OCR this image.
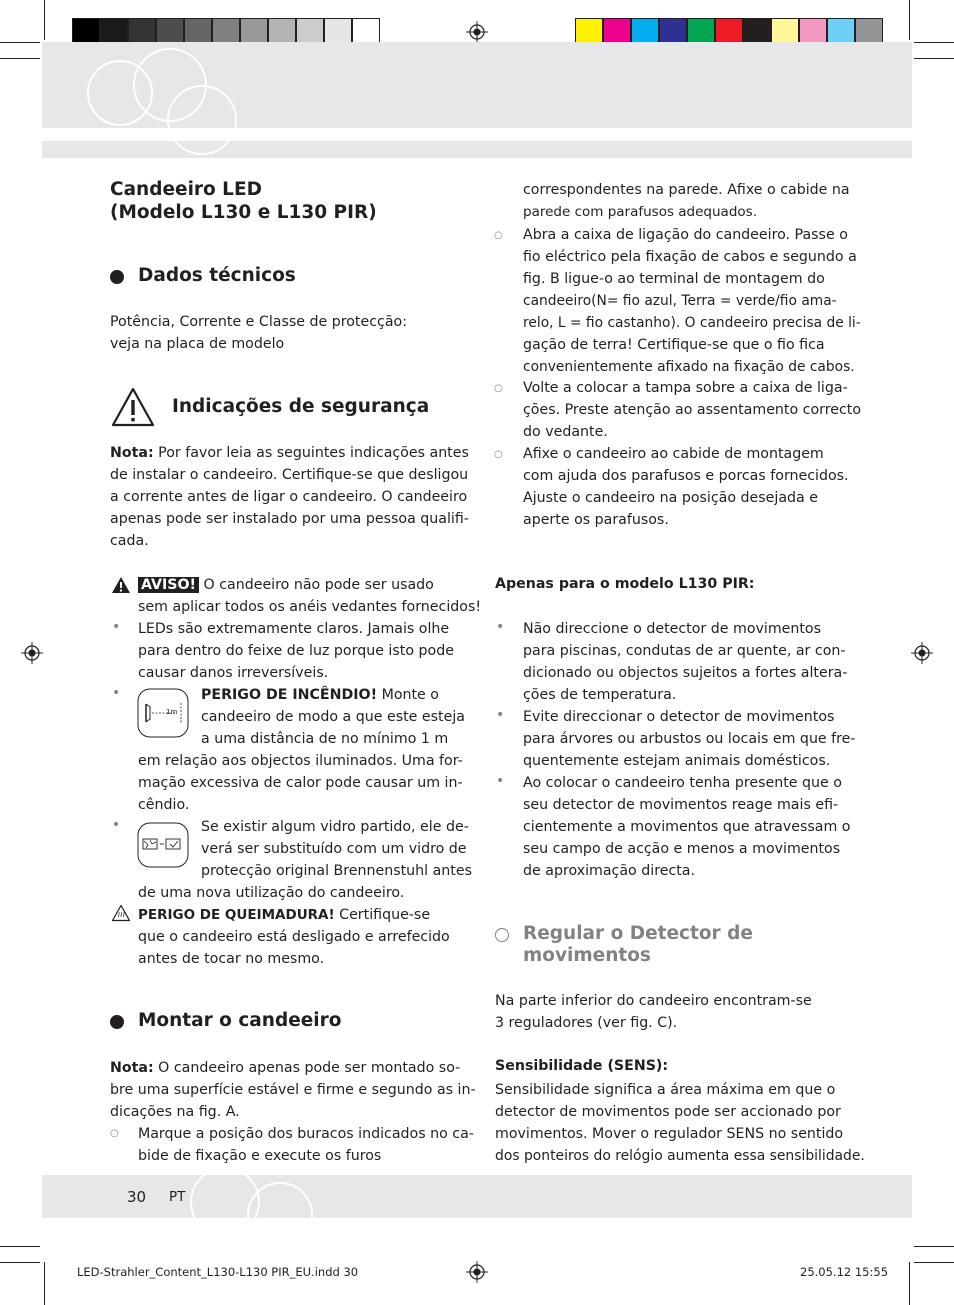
Candeeiro LED
(Modelo L130 e L130 PIR)
Dados técnicos
Potência, Corrente e Classe de protecção:
veja na placa de modelo
Indicações de segurança
Nota: Por favor leia as seguintes indicações antes
de instalar o candeeiro. Certifique-se que desligou
a corrente antes de ligar o candeeiro. O candeeiro
apenas pode ser instalado por uma pessoa qualifi-
cada.
AVISO! O candeeiro não pode ser usado
sem aplicar todos os anéis vedantes fornecidos!
• LEDs são extremamente claros. Jamais olhe
para dentro do feixe de luz porque isto pode
causar danos irreversíveis.
•
1m
PERIGO DE INCÊNDIO! Monte o
candeeiro de modo a que este esteja
a uma distância de no mínimo 1 m
em relação aos objectos iluminados. Uma for-
mação excessiva de calor pode causar um in-
cêndio.
•	Se existir algum vidro partido, ele de-
verá ser substituído com um vidro de
protecção original Brennenstuhl antes
de uma nova utilização do candeeiro.
PERIGO DE QUEIMADURA! Certifique-se
que o candeeiro está desligado e arrefecido
antes de tocar no mesmo.
Montar o candeeiro
Nota: O candeeiro apenas pode ser montado so-
bre uma superfície estável e firme e segundo as in-
dicações na fig. A.
○ Marque a posição dos buracos indicados no ca-
bide de fixação e execute os furos
correspondentes na parede. Afixe o cabide na
parede com parafusos adequados.
○ Abra a caixa de ligação do candeeiro. Passe o
fio eléctrico pela fixação de cabos e segundo a
fig. B ligue-o ao terminal de montagem do
candeeiro(N= fio azul, Terra = verde/fio ama-
relo, L = fio castanho). O candeeiro precisa de li-
gação de terra! Certifique-se que o fio fica
convenientemente afixado na fixação de cabos.
○ Volte a colocar a tampa sobre a caixa de liga-
ções. Preste atenção ao assentamento correcto
do vedante.
○ Afixe o candeeiro ao cabide de montagem
com ajuda dos parafusos e porcas fornecidos.
Ajuste o candeeiro na posição desejada e
aperte os parafusos.
Apenas para o modelo L130 PIR:
• Não direccione o detector de movimentos
para piscinas, condutas de ar quente, ar con-
dicionado ou objectos sujeitos a fortes altera-
ções de temperatura.
• Evite direccionar o detector de movimentos
para árvores ou arbustos ou locais em que fre-
quentemente estejam animais domésticos.
• Ao colocar o candeeiro tenha presente que o
seu detector de movimentos reage mais efi-
cientemente a movimentos que atravessam o
seu campo de acção e menos a movimentos
de aproximação directa.
Regular o Detector de
movimentos
Na parte inferior do candeeiro encontram-se
3 reguladores (ver fig. C).
Sensibilidade (SENS):
Sensibilidade significa a área máxima em que o
detector de movimentos pode ser accionado por
movimentos. Mover o regulador SENS no sentido
dos ponteiros do relógio aumenta essa sensibilidade.
30 PT
LED-Strahler_Content_L130-L130 PIR_EU.indd 30	25.05.12 15:55
